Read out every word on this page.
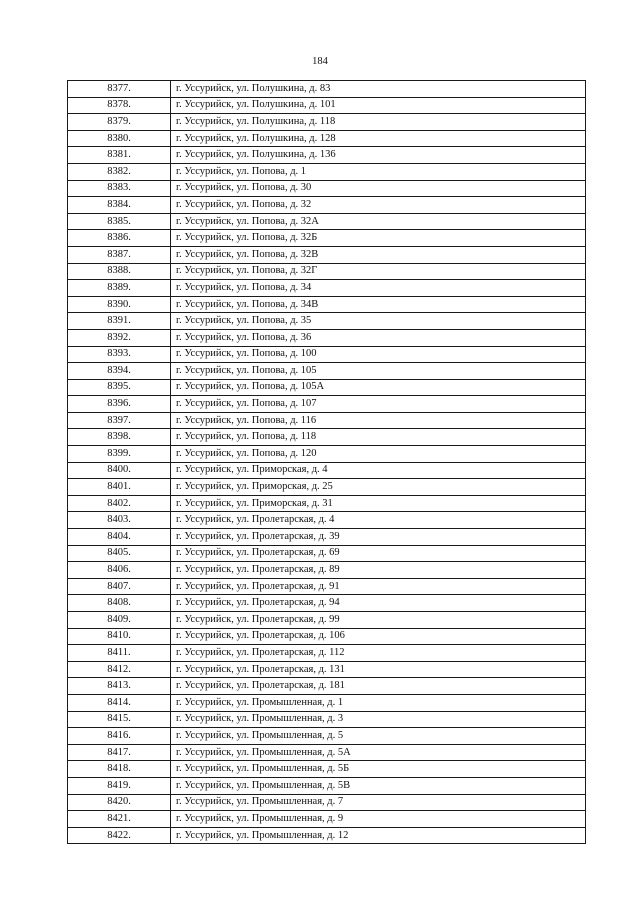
184
8377.	г. Уссурийск, ул. Полушкина, д. 83
8378.	г. Уссурийск, ул. Полушкина, д. 101
8379.	г. Уссурийск, ул. Полушкина, д. 118
8380.	г. Уссурийск, ул. Полушкина, д. 128
8381.	г. Уссурийск, ул. Полушкина, д. 136
8382.	г. Уссурийск, ул. Попова, д. 1
8383.	г. Уссурийск, ул. Попова, д. 30
8384.	г. Уссурийск, ул. Попова, д. 32
8385.	г. Уссурийск, ул. Попова, д. 32А
8386.	г. Уссурийск, ул. Попова, д. 32Б
8387.	г. Уссурийск, ул. Попова, д. 32В
8388.	г. Уссурийск, ул. Попова, д. 32Г
8389.	г. Уссурийск, ул. Попова, д. 34
8390.	г. Уссурийск, ул. Попова, д. 34В
8391.	г. Уссурийск, ул. Попова, д. 35
8392.	г. Уссурийск, ул. Попова, д. 36
8393.	г. Уссурийск, ул. Попова, д. 100
8394.	г. Уссурийск, ул. Попова, д. 105
8395.	г. Уссурийск, ул. Попова, д. 105А
8396.	г. Уссурийск, ул. Попова, д. 107
8397.	г. Уссурийск, ул. Попова, д. 116
8398.	г. Уссурийск, ул. Попова, д. 118
8399.	г. Уссурийск, ул. Попова, д. 120
8400.	г. Уссурийск, ул. Приморская, д. 4
8401.	г. Уссурийск, ул. Приморская, д. 25
8402.	г. Уссурийск, ул. Приморская, д. 31
8403.	г. Уссурийск, ул. Пролетарская, д. 4
8404.	г. Уссурийск, ул. Пролетарская, д. 39
8405.	г. Уссурийск, ул. Пролетарская, д. 69
8406.	г. Уссурийск, ул. Пролетарская, д. 89
8407.	г. Уссурийск, ул. Пролетарская, д. 91
8408.	г. Уссурийск, ул. Пролетарская, д. 94
8409.	г. Уссурийск, ул. Пролетарская, д. 99
8410.	г. Уссурийск, ул. Пролетарская, д. 106
8411.	г. Уссурийск, ул. Пролетарская, д. 112
8412.	г. Уссурийск, ул. Пролетарская, д. 131
8413.	г. Уссурийск, ул. Пролетарская, д. 181
8414.	г. Уссурийск, ул. Промышленная, д. 1
8415.	г. Уссурийск, ул. Промышленная, д. 3
8416.	г. Уссурийск, ул. Промышленная, д. 5
8417.	г. Уссурийск, ул. Промышленная, д. 5А
8418.	г. Уссурийск, ул. Промышленная, д. 5Б
8419.	г. Уссурийск, ул. Промышленная, д. 5В
8420.	г. Уссурийск, ул. Промышленная, д. 7
8421.	г. Уссурийск, ул. Промышленная, д. 9
8422.	г. Уссурийск, ул. Промышленная, д. 12
